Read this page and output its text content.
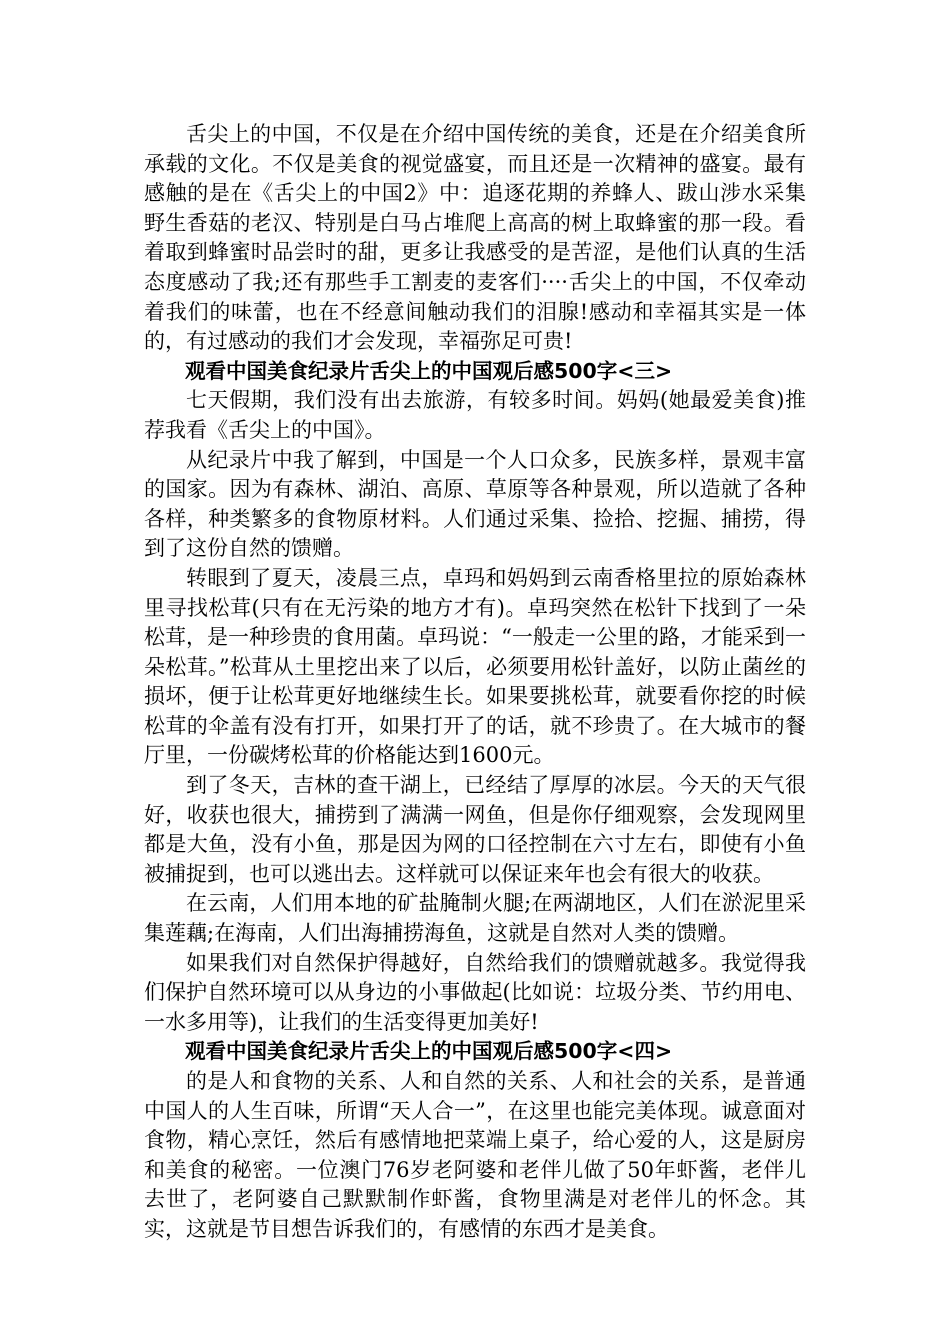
舌尖上的中国，不仅是在介绍中国传统的美食，还是在介绍美食所承载的文化。不仅是美食的视觉盛宴，而且还是一次精神的盛宴。最有感触的是在《舌尖上的中国2》中：追逐花期的养蜂人、跋山涉水采集野生香菇的老汉、特别是白马占堆爬上高高的树上取蜂蜜的那一段。看着取到蜂蜜时品尝时的甜，更多让我感受的是苦涩，是他们认真的生活态度感动了我;还有那些手工割麦的麦客们····舌尖上的中国，不仅牵动着我们的味蕾，也在不经意间触动我们的泪腺!感动和幸福其实是一体的，有过感动的我们才会发现，幸福弥足可贵!

观看中国美食纪录片舌尖上的中国观后感500字<三>

七天假期，我们没有出去旅游，有较多时间。妈妈(她最爱美食)推荐我看《舌尖上的中国》。

从纪录片中我了解到，中国是一个人口众多，民族多样，景观丰富的国家。因为有森林、湖泊、高原、草原等各种景观，所以造就了各种各样，种类繁多的食物原材料。人们通过采集、捡拾、挖掘、捕捞，得到了这份自然的馈赠。

转眼到了夏天，凌晨三点，卓玛和妈妈到云南香格里拉的原始森林里寻找松茸(只有在无污染的地方才有)。卓玛突然在松针下找到了一朵松茸，是一种珍贵的食用菌。卓玛说：“一般走一公里的路，才能采到一朵松茸。”松茸从土里挖出来了以后，必须要用松针盖好，以防止菌丝的损坏，便于让松茸更好地继续生长。如果要挑松茸，就要看你挖的时候松茸的伞盖有没有打开，如果打开了的话，就不珍贵了。在大城市的餐厅里，一份碳烤松茸的价格能达到1600元。

到了冬天，吉林的查干湖上，已经结了厚厚的冰层。今天的天气很好，收获也很大，捕捞到了满满一网鱼，但是你仔细观察，会发现网里都是大鱼，没有小鱼，那是因为网的口径控制在六寸左右，即使有小鱼被捕捉到，也可以逃出去。这样就可以保证来年也会有很大的收获。

在云南，人们用本地的矿盐腌制火腿;在两湖地区，人们在淤泥里采集莲藕;在海南，人们出海捕捞海鱼，这就是自然对人类的馈赠。

如果我们对自然保护得越好，自然给我们的馈赠就越多。我觉得我们保护自然环境可以从身边的小事做起(比如说：垃圾分类、节约用电、一水多用等)，让我们的生活变得更加美好!

观看中国美食纪录片舌尖上的中国观后感500字<四>

的是人和食物的关系、人和自然的关系、人和社会的关系，是普通中国人的人生百味，所谓“天人合一”，在这里也能完美体现。诚意面对食物，精心烹饪，然后有感情地把菜端上桌子，给心爱的人，这是厨房和美食的秘密。一位澳门76岁老阿婆和老伴儿做了50年虾酱，老伴儿去世了，老阿婆自己默默制作虾酱，食物里满是对老伴儿的怀念。其实，这就是节目想告诉我们的，有感情的东西才是美食。
